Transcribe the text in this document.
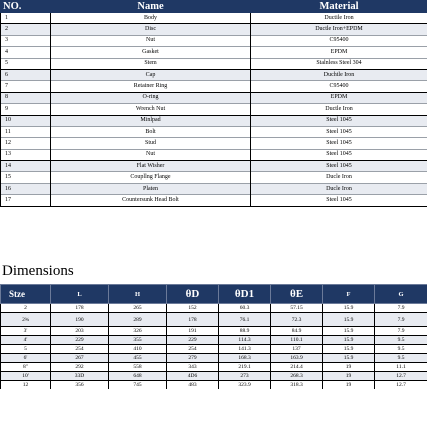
NO.	Name	Material
1	Body	Ductile Iron
2	Disc	Ductle Iron+EPDM
3	Nut	C95400
4	Gasket	EPDM
5	Stem	Stalnless Steel 304
6	Cap	Duchtle Iron
7	Retainer Ring	C95400
8	O-ring	EPDM
9	Wrench Nut	Ductle Iron
10	Minlpad	Steel 1045
11	Bolt	Steel 1045
12	Stud	Steel 1045
13	Nut	Steel 1045
14	Flat Wisher	Steel 1045
15	Coupllng Flange	Ducle Iron
16	Platen	Ducle Iron
17	Countersunk Head Bolt	Steel 1045
Dimensions
Stze	L	H	θD	θD1	θE	F	G
2	178	265	152	60.3	57.15	15.9	7.9
2¾	190	289	178	76.1	72.3	15.9	7.9
3'	203	326	191	88.9	84.9	15.9	7.9
4'	229	355	229	114.3	110.1	15.9	9.5
5	254	410	254	141.3	137	15.9	9.5
6'	267	455	279	168.3	163.9	15.9	9.5
8"	292	558	343	219.1	214.4	19	11.1
10'	33D	648	4D6	273	268.3	19	12.7
12	356	745	483	323.9	318.3	19	12.7
